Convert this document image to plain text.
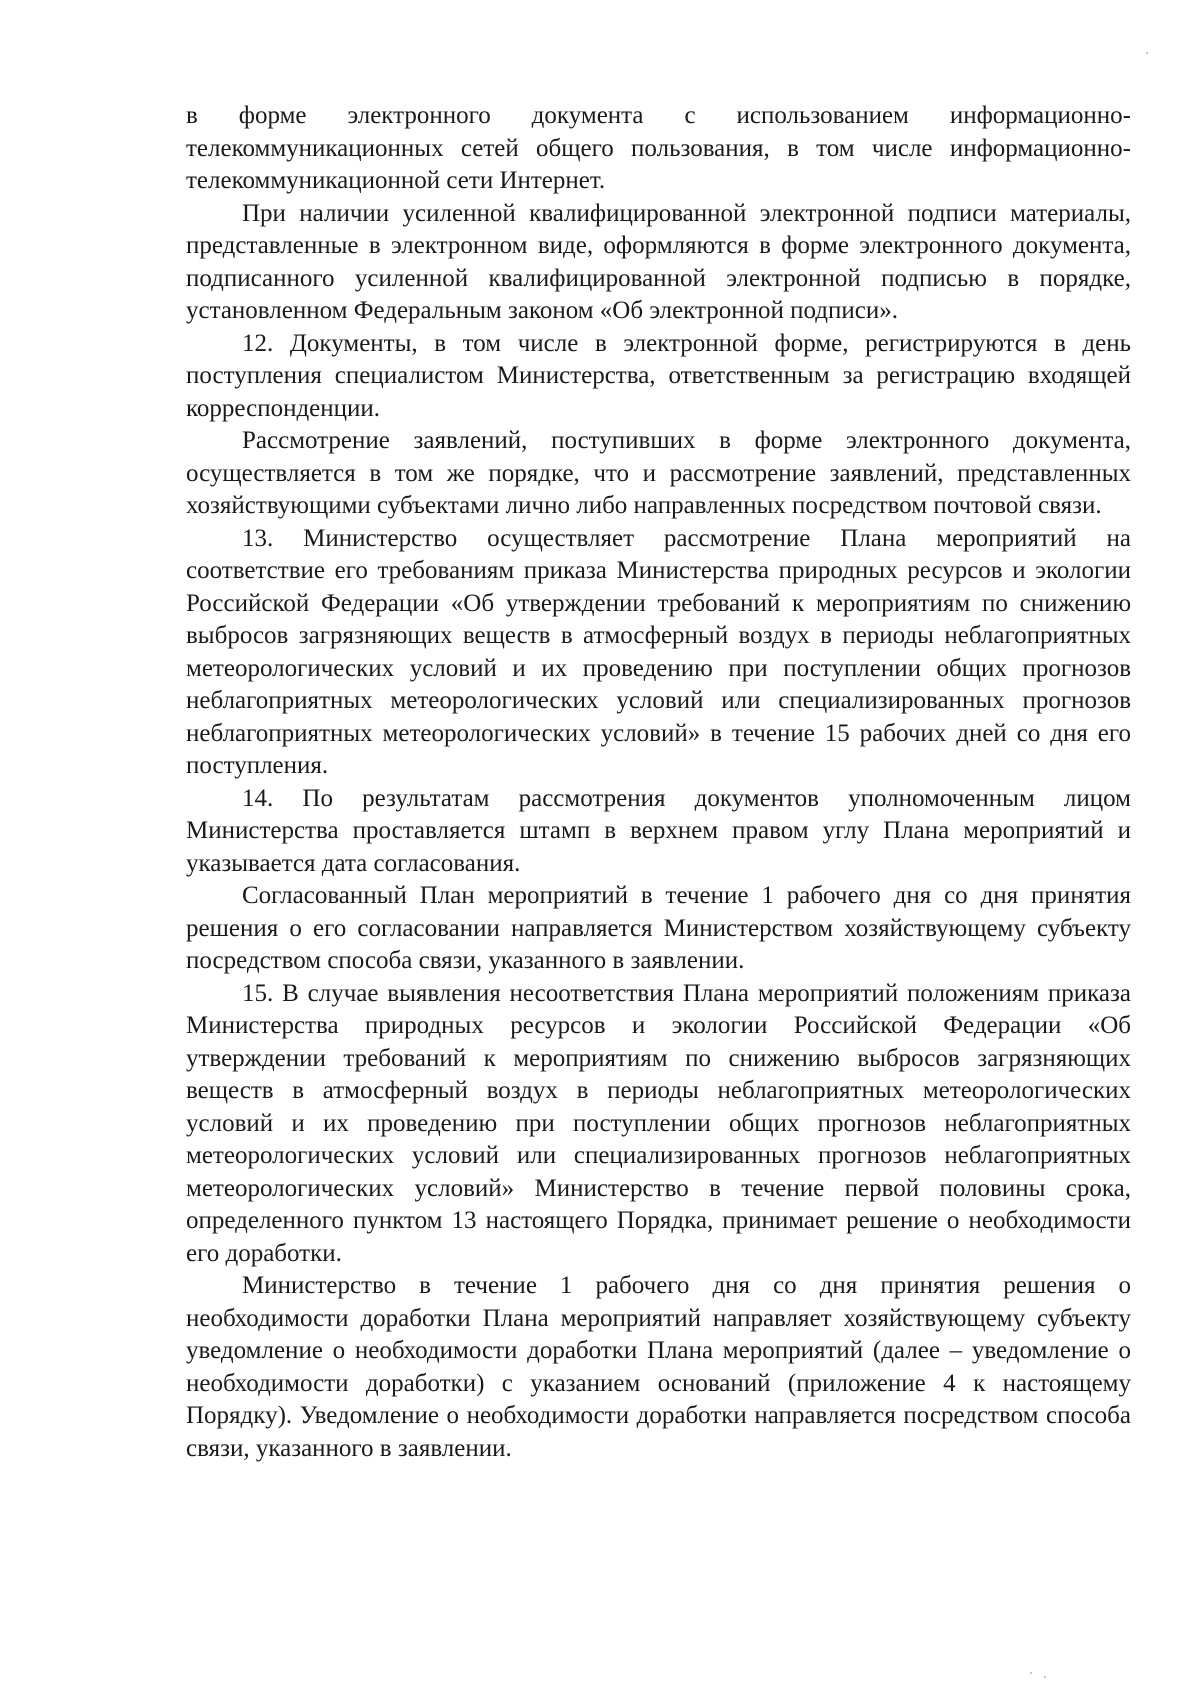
в форме электронного документа с использованием информационно-телекоммуникационных сетей общего пользования, в том числе информационно-телекоммуникационной сети Интернет.

При наличии усиленной квалифицированной электронной подписи материалы, представленные в электронном виде, оформляются в форме электронного документа, подписанного усиленной квалифицированной электронной подписью в порядке, установленном Федеральным законом «Об электронной подписи».

12. Документы, в том числе в электронной форме, регистрируются в день поступления специалистом Министерства, ответственным за регистрацию входящей корреспонденции.

Рассмотрение заявлений, поступивших в форме электронного документа, осуществляется в том же порядке, что и рассмотрение заявлений, представленных хозяйствующими субъектами лично либо направленных посредством почтовой связи.

13. Министерство осуществляет рассмотрение Плана мероприятий на соответствие его требованиям приказа Министерства природных ресурсов и экологии Российской Федерации «Об утверждении требований к мероприятиям по снижению выбросов загрязняющих веществ в атмосферный воздух в периоды неблагоприятных метеорологических условий и их проведению при поступлении общих прогнозов неблагоприятных метеорологических условий или специализированных прогнозов неблагоприятных метеорологических условий» в течение 15 рабочих дней со дня его поступления.

14. По результатам рассмотрения документов уполномоченным лицом Министерства проставляется штамп в верхнем правом углу Плана мероприятий и указывается дата согласования.

Согласованный План мероприятий в течение 1 рабочего дня со дня принятия решения о его согласовании направляется Министерством хозяйствующему субъекту посредством способа связи, указанного в заявлении.

15. В случае выявления несоответствия Плана мероприятий положениям приказа Министерства природных ресурсов и экологии Российской Федерации «Об утверждении требований к мероприятиям по снижению выбросов загрязняющих веществ в атмосферный воздух в периоды неблагоприятных метеорологических условий и их проведению при поступлении общих прогнозов неблагоприятных метеорологических условий или специализированных прогнозов неблагоприятных метеорологических условий» Министерство в течение первой половины срока, определенного пунктом 13 настоящего Порядка, принимает решение о необходимости его доработки.

Министерство в течение 1 рабочего дня со дня принятия решения о необходимости доработки Плана мероприятий направляет хозяйствующему субъекту уведомление о необходимости доработки Плана мероприятий (далее – уведомление о необходимости доработки) с указанием оснований (приложение 4 к настоящему Порядку). Уведомление о необходимости доработки направляется посредством способа связи, указанного в заявлении.
